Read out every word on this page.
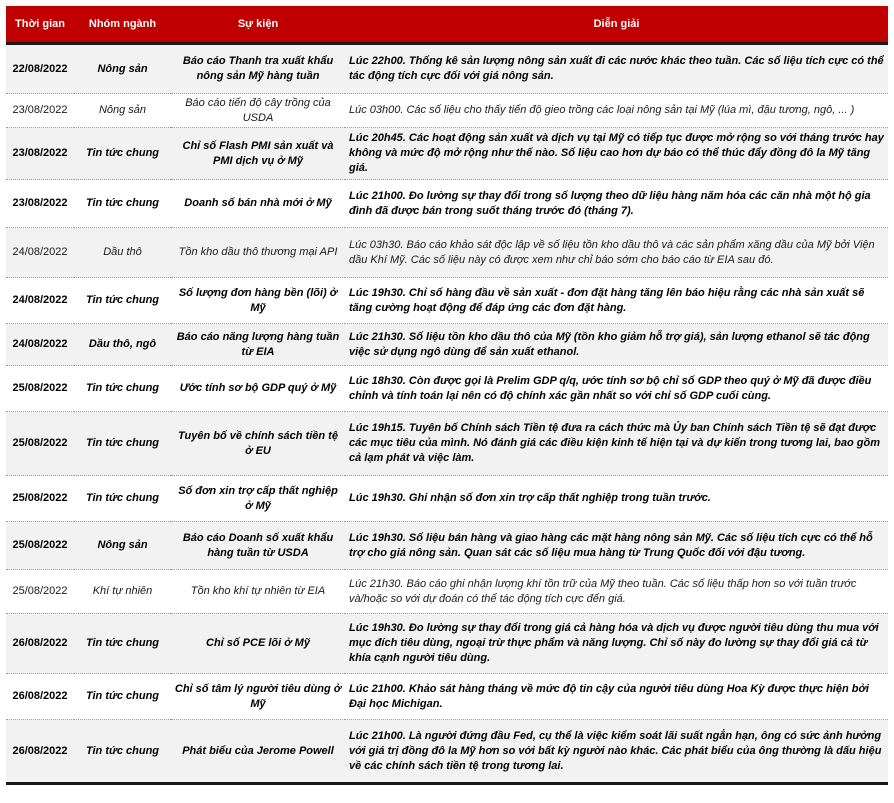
Thời gian	Nhóm ngành	Sự kiện	Diễn giải
22/08/2022	Nông sản	Báo cáo Thanh tra xuất khẩu nông sản Mỹ hàng tuần	Lúc 22h00. Thống kê sản lượng nông sản xuất đi các nước khác theo tuần. Các số liệu tích cực có thể tác động tích cực đối với giá nông sản.
23/08/2022	Nông sản	Báo cáo tiến độ cây trồng của USDA	Lúc 03h00. Các số liệu cho thấy tiến độ gieo trồng các loại nông sản tại Mỹ (lúa mì, đậu tương, ngô, ... )
23/08/2022	Tin tức chung	Chỉ số Flash PMI sản xuất và PMI dịch vụ ở Mỹ	Lúc 20h45. Các hoạt động sản xuất và dịch vụ tại Mỹ có tiếp tục được mở rộng so với tháng trước hay không và mức độ mở rộng như thế nào. Số liệu cao hơn dự báo có thể thúc đẩy đồng đô la Mỹ tăng giá.
23/08/2022	Tin tức chung	Doanh số bán nhà mới ở Mỹ	Lúc 21h00. Đo lường sự thay đổi trong số lượng theo dữ liệu hàng năm hóa các căn nhà một hộ gia đình đã được bán trong suốt tháng trước đó (tháng 7).
24/08/2022	Dầu thô	Tồn kho dầu thô thương mại API	Lúc 03h30. Báo cáo khảo sát độc lập về số liệu tồn kho dầu thô và các sản phẩm xăng dầu của Mỹ bởi Viện dầu Khí Mỹ. Các số liệu này có được xem như chỉ báo sớm cho báo cáo từ EIA sau đó.
24/08/2022	Tin tức chung	Số lượng đơn hàng bền (lõi) ở Mỹ	Lúc 19h30. Chỉ số hàng đầu về sản xuất - đơn đặt hàng tăng lên báo hiệu rằng các nhà sản xuất sẽ tăng cường hoạt động để đáp ứng các đơn đặt hàng.
24/08/2022	Dầu thô, ngô	Báo cáo năng lượng hàng tuần từ EIA	Lúc 21h30. Số liệu tồn kho dầu thô của Mỹ (tồn kho giảm hỗ trợ giá), sản lượng ethanol sẽ tác động việc sử dụng ngô dùng để sản xuất ethanol.
25/08/2022	Tin tức chung	Ước tính sơ bộ GDP quý ở Mỹ	Lúc 18h30. Còn được gọi là Prelim GDP q/q, ước tính sơ bộ chỉ số GDP theo quý ở Mỹ đã được điều chỉnh và tính toán lại nên có độ chính xác gần nhất so với chỉ số GDP cuối cùng.
25/08/2022	Tin tức chung	Tuyên bố về chính sách tiền tệ ở EU	Lúc 19h15. Tuyên bố Chính sách Tiền tệ đưa ra cách thức mà Ủy ban Chính sách Tiền tệ sẽ đạt được các mục tiêu của mình. Nó đánh giá các điều kiện kinh tế hiện tại và dự kiến trong tương lai, bao gồm cả lạm phát và việc làm.
25/08/2022	Tin tức chung	Số đơn xin trợ cấp thất nghiệp ở Mỹ	Lúc 19h30. Ghi nhận số đơn xin trợ cấp thất nghiệp trong tuần trước.
25/08/2022	Nông sản	Báo cáo Doanh số xuất khẩu hàng tuần từ USDA	Lúc 19h30. Số liệu bán hàng và giao hàng các mặt hàng nông sản Mỹ. Các số liệu tích cực có thể hỗ trợ cho giá nông sản. Quan sát các số liệu mua hàng từ Trung Quốc đối với đậu tương.
25/08/2022	Khí tự nhiên	Tồn kho khí tự nhiên từ EIA	Lúc 21h30. Báo cáo ghi nhận lượng khí tồn trữ của Mỹ theo tuần. Các số liệu thấp hơn so với tuần trước và/hoặc so với dự đoán có thể tác động tích cực đến giá.
26/08/2022	Tin tức chung	Chỉ số PCE lõi ở Mỹ	Lúc 19h30. Đo lường sự thay đổi trong giá cả hàng hóa và dịch vụ được người tiêu dùng thu mua với mục đích tiêu dùng, ngoại trừ thực phẩm và năng lượng. Chỉ số này đo lường sự thay đổi giá cả từ khía cạnh người tiêu dùng.
26/08/2022	Tin tức chung	Chỉ số tâm lý người tiêu dùng ở Mỹ	Lúc 21h00. Khảo sát hàng tháng về mức độ tin cậy của người tiêu dùng Hoa Kỳ được thực hiện bởi Đại học Michigan.
26/08/2022	Tin tức chung	Phát biểu của Jerome Powell	Lúc 21h00. Là người đứng đầu Fed, cụ thể là việc kiểm soát lãi suất ngắn hạn, ông có sức ảnh hưởng với giá trị đồng đô la Mỹ hơn so với bất kỳ người nào khác. Các phát biểu của ông thường là dấu hiệu về các chính sách tiền tệ trong tương lai.
